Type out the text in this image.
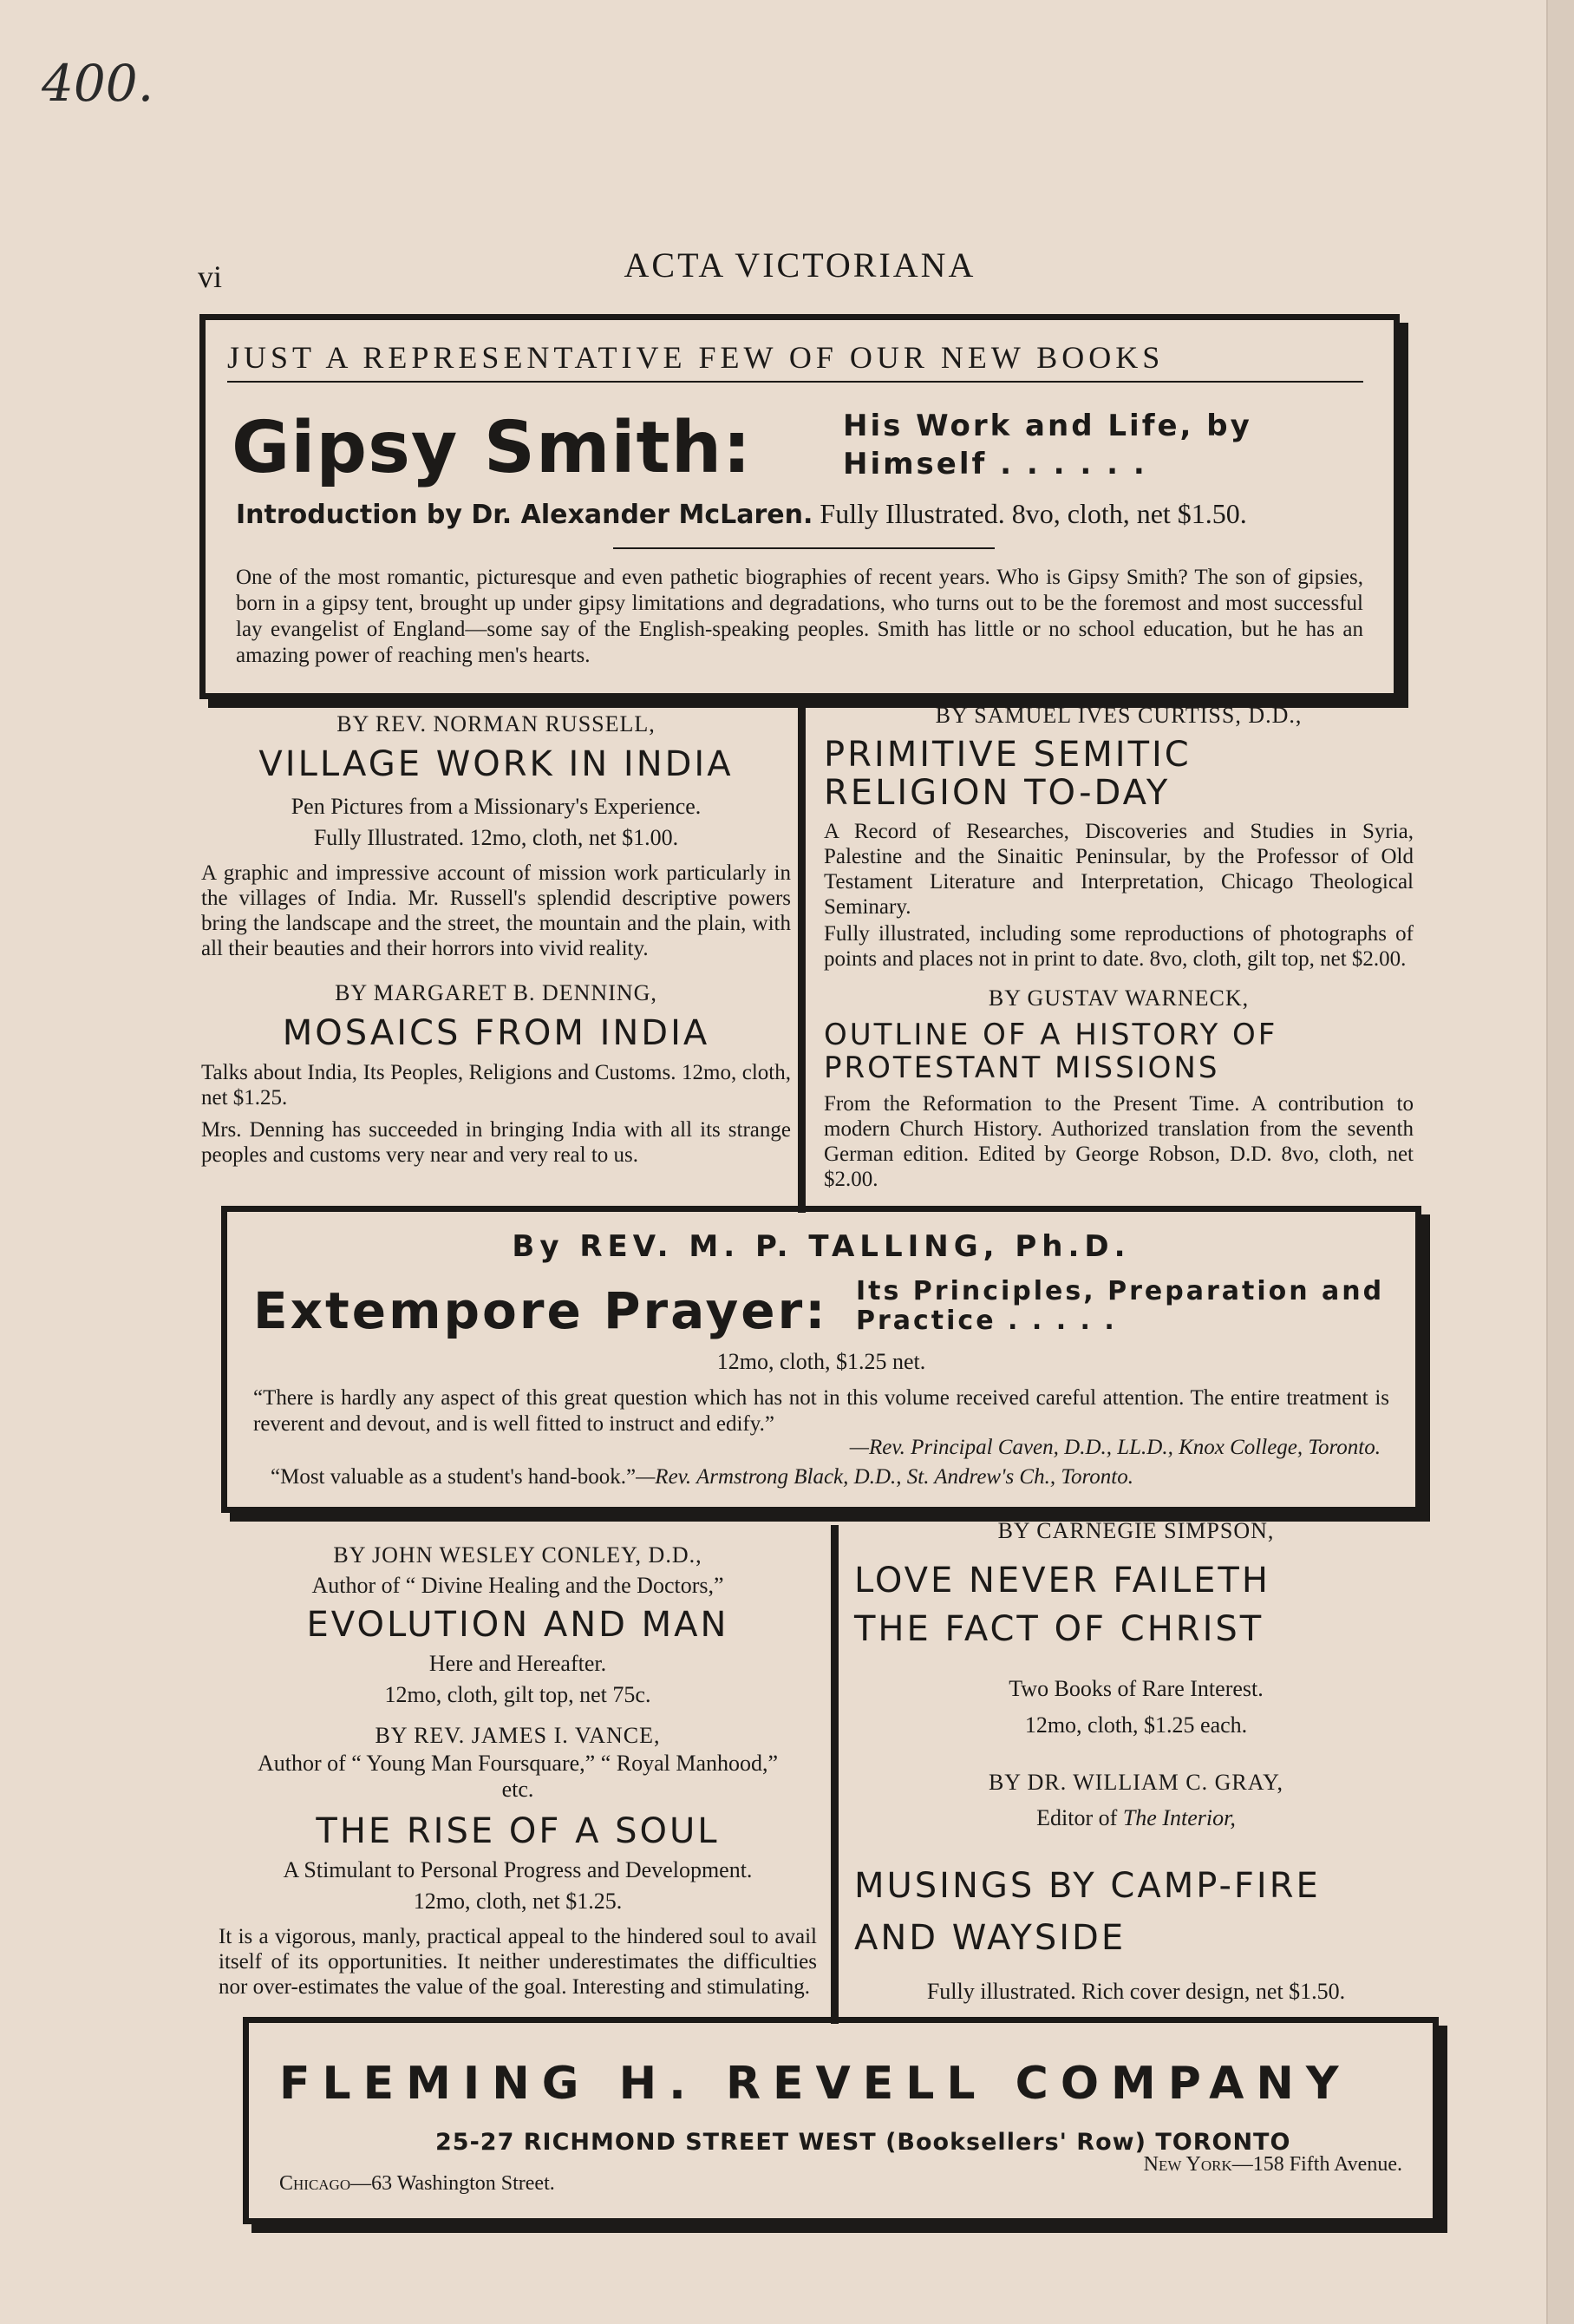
400.
vi	ACTA VICTORIANA
JUST A REPRESENTATIVE FEW OF OUR NEW BOOKS
Gipsy Smith:	His Work and Life, by Himself . . . . . .
Introduction by Dr. Alexander McLaren. Fully Illustrated. 8vo, cloth, net $1.50.
One of the most romantic, picturesque and even pathetic biographies of recent years. Who is Gipsy Smith? The son of gipsies, born in a gipsy tent, brought up under gipsy limitations and degradations, who turns out to be the foremost and most successful lay evangelist of England—some say of the English-speaking peoples. Smith has little or no school education, but he has an amazing power of reaching men's hearts.
BY REV. NORMAN RUSSELL,
VILLAGE WORK IN INDIA
Pen Pictures from a Missionary's Experience.
Fully Illustrated. 12mo, cloth, net $1.00.
A graphic and impressive account of mission work particularly in the villages of India. Mr. Russell's splendid descriptive powers bring the landscape and the street, the mountain and the plain, with all their beauties and their horrors into vivid reality.
BY MARGARET B. DENNING,
MOSAICS FROM INDIA
Talks about India, Its Peoples, Religions and Customs. 12mo, cloth, net $1.25.
Mrs. Denning has succeeded in bringing India with all its strange peoples and customs very near and very real to us.
BY SAMUEL IVES CURTISS, D.D.,
PRIMITIVE SEMITIC
RELIGION TO-DAY
A Record of Researches, Discoveries and Studies in Syria, Palestine and the Sinaitic Peninsular, by the Professor of Old Testament Literature and Interpretation, Chicago Theological Seminary.
Fully illustrated, including some reproductions of photographs of points and places not in print to date. 8vo, cloth, gilt top, net $2.00.
BY GUSTAV WARNECK,
OUTLINE OF A HISTORY OF
PROTESTANT MISSIONS
From the Reformation to the Present Time. A contribution to modern Church History. Authorized translation from the seventh German edition. Edited by George Robson, D.D. 8vo, cloth, net $2.00.
By REV. M. P. TALLING, Ph.D.
Extempore Prayer: Its Principles, Preparation and Practice . . . . .
12mo, cloth, $1.25 net.
“There is hardly any aspect of this great question which has not in this volume received careful attention. The entire treatment is reverent and devout, and is well fitted to instruct and edify.”
—Rev. Principal Caven, D.D., LL.D., Knox College, Toronto.
“Most valuable as a student's hand-book.”—Rev. Armstrong Black, D.D., St. Andrew's Ch., Toronto.
BY JOHN WESLEY CONLEY, D.D.,
Author of “ Divine Healing and the Doctors,”
EVOLUTION AND MAN
Here and Hereafter.
12mo, cloth, gilt top, net 75c.
BY REV. JAMES I. VANCE,
Author of “ Young Man Foursquare,” “ Royal Manhood,” etc.
THE RISE OF A SOUL
A Stimulant to Personal Progress and Development.
12mo, cloth, net $1.25.
It is a vigorous, manly, practical appeal to the hindered soul to avail itself of its opportunities. It neither underestimates the difficulties nor over-estimates the value of the goal. Interesting and stimulating.
BY CARNEGIE SIMPSON,
LOVE NEVER FAILETH
THE FACT OF CHRIST
Two Books of Rare Interest.
12mo, cloth, $1.25 each.
BY DR. WILLIAM C. GRAY,
Editor of The Interior,
MUSINGS BY CAMP-FIRE
AND WAYSIDE
Fully illustrated. Rich cover design, net $1.50.
FLEMING H. REVELL COMPANY
25-27 RICHMOND STREET WEST (Booksellers' Row) TORONTO
Chicago—63 Washington Street.
New York—158 Fifth Avenue.
